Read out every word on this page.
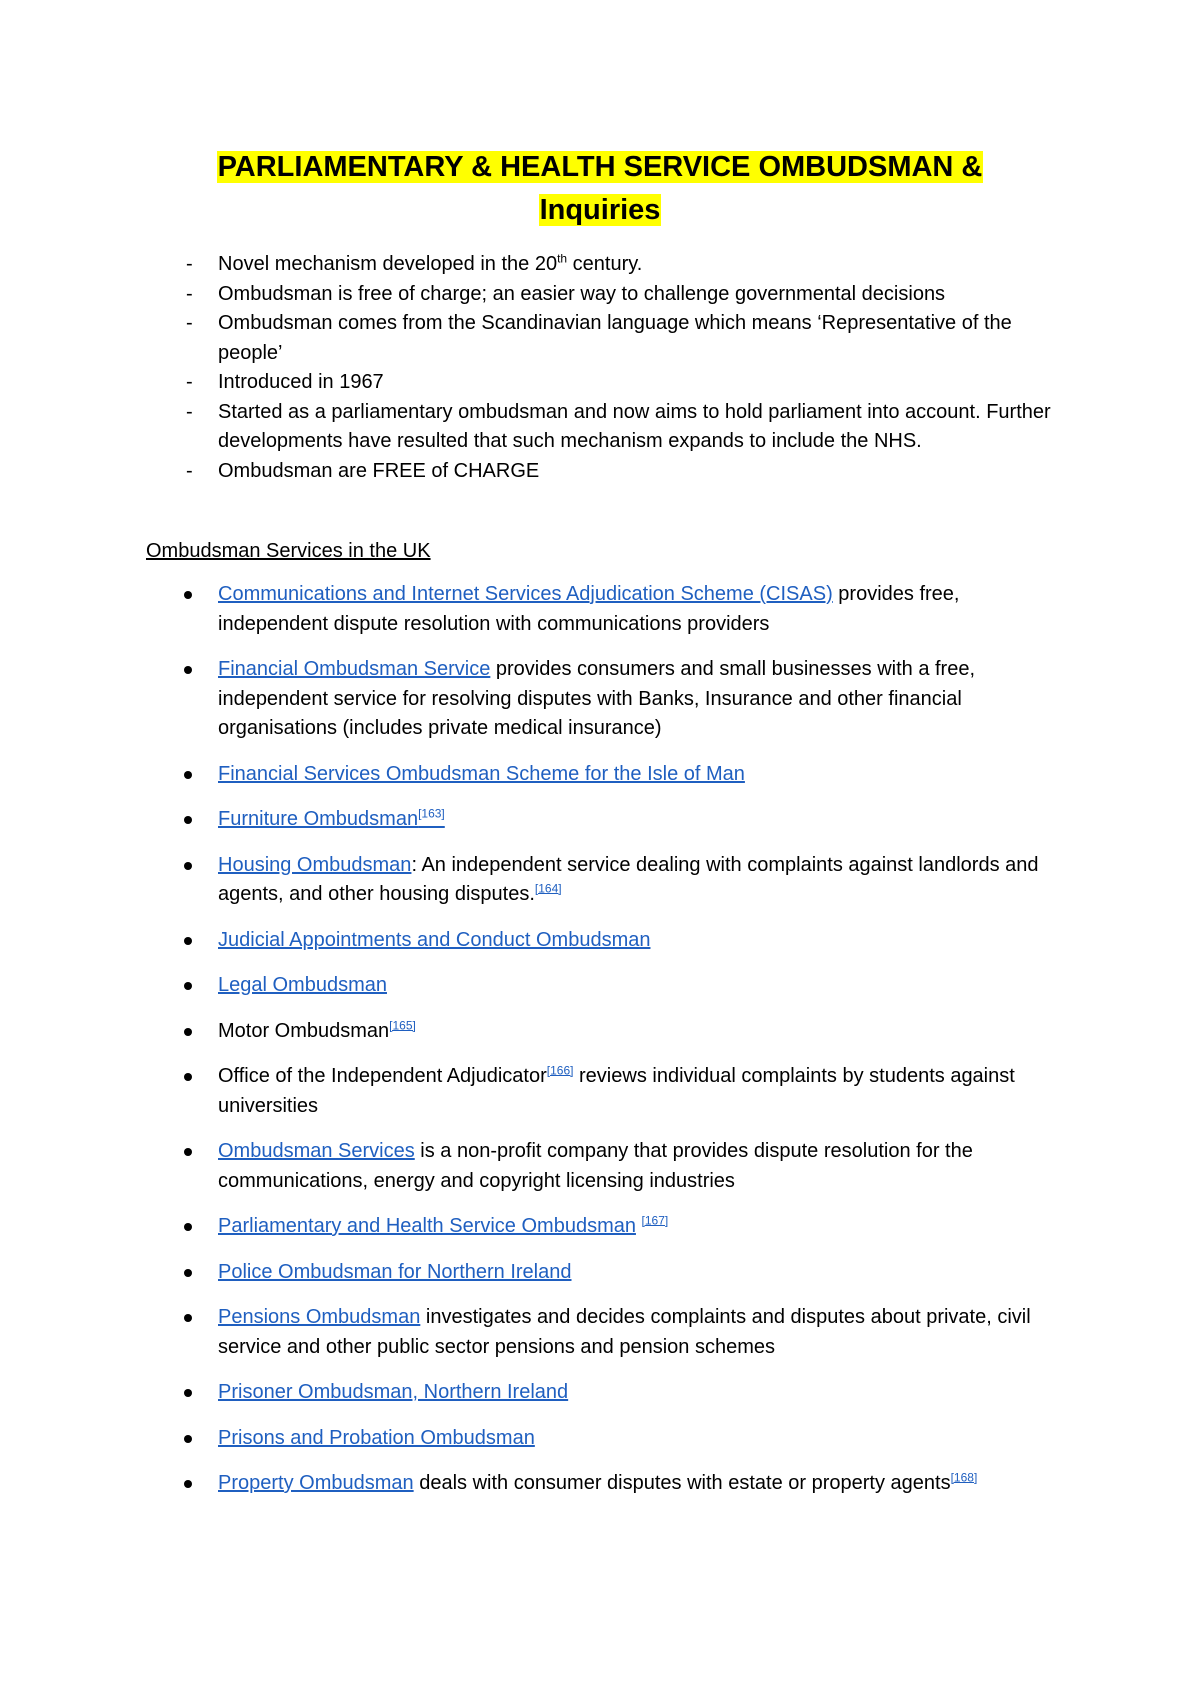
PARLIAMENTARY & HEALTH SERVICE OMBUDSMAN &
Inquiries
- Novel mechanism developed in the 20th century.
- Ombudsman is free of charge; an easier way to challenge governmental decisions
- Ombudsman comes from the Scandinavian language which means ‘Representative of the people’
- Introduced in 1967
- Started as a parliamentary ombudsman and now aims to hold parliament into account. Further developments have resulted that such mechanism expands to include the NHS.
- Ombudsman are FREE of CHARGE
Ombudsman Services in the UK
Communications and Internet Services Adjudication Scheme (CISAS) provides free, independent dispute resolution with communications providers
Financial Ombudsman Service provides consumers and small businesses with a free, independent service for resolving disputes with Banks, Insurance and other financial organisations (includes private medical insurance)
Financial Services Ombudsman Scheme for the Isle of Man
Furniture Ombudsman[163]
Housing Ombudsman: An independent service dealing with complaints against landlords and agents, and other housing disputes.[164]
Judicial Appointments and Conduct Ombudsman
Legal Ombudsman
Motor Ombudsman[165]
Office of the Independent Adjudicator[166] reviews individual complaints by students against universities
Ombudsman Services is a non-profit company that provides dispute resolution for the communications, energy and copyright licensing industries
Parliamentary and Health Service Ombudsman [167]
Police Ombudsman for Northern Ireland
Pensions Ombudsman investigates and decides complaints and disputes about private, civil service and other public sector pensions and pension schemes
Prisoner Ombudsman, Northern Ireland
Prisons and Probation Ombudsman
Property Ombudsman deals with consumer disputes with estate or property agents[168]
